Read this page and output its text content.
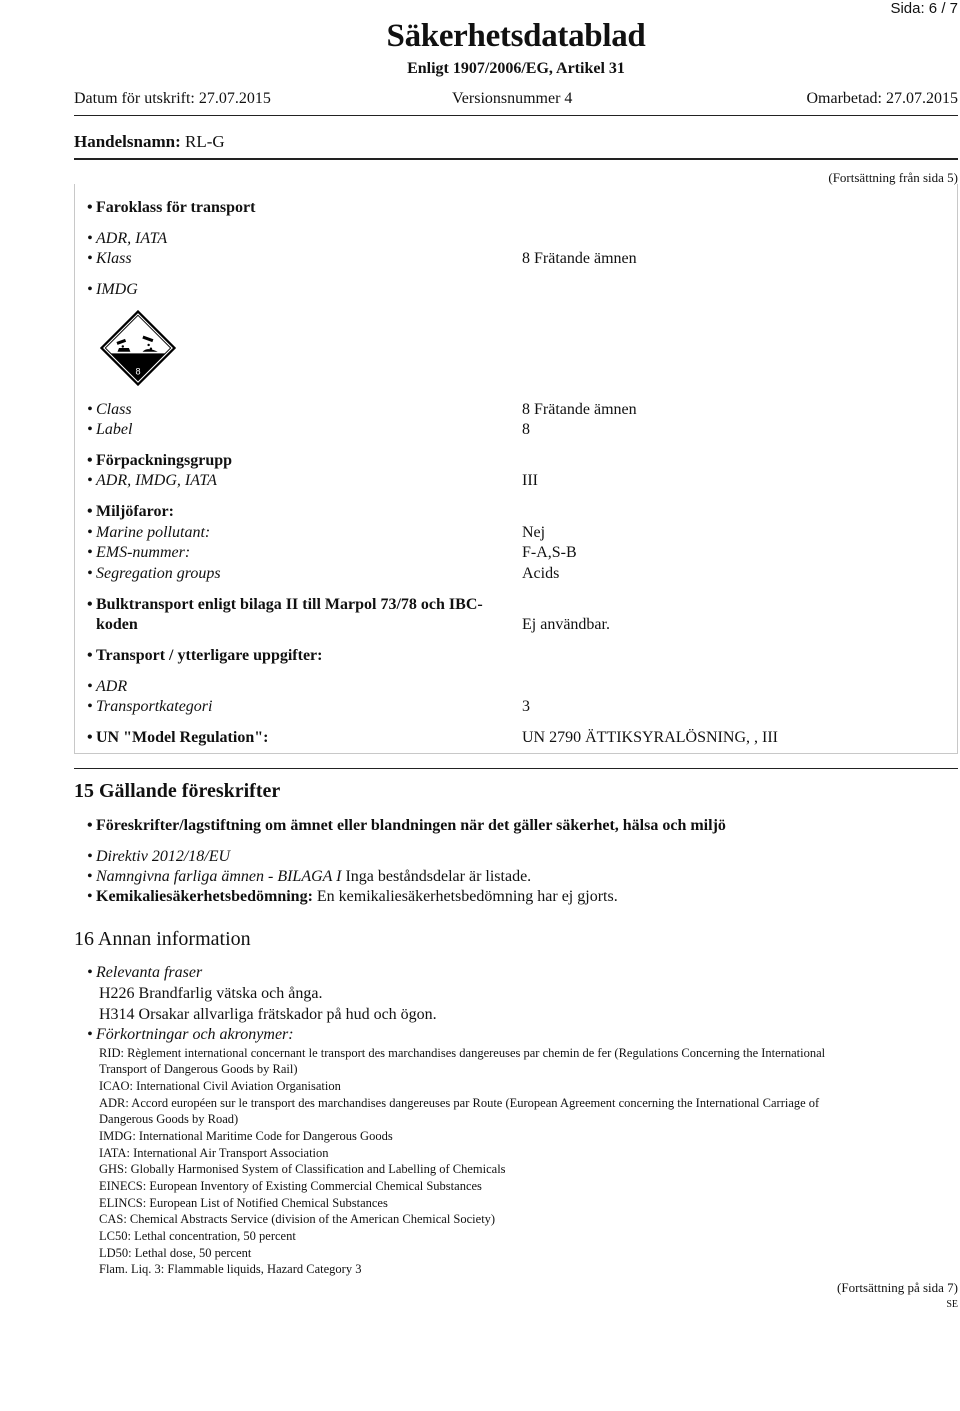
Sida: 6 / 7
Säkerhetsdatablad
Enligt 1907/2006/EG, Artikel 31
Datum för utskrift: 27.07.2015	Versionsnummer 4	Omarbetad: 27.07.2015
Handelsnamn: RL-G
(Fortsättning från sida 5)
• Faroklass för transport
• ADR, IATA
• Klass	8 Frätande ämnen
• IMDG
8
• Class	8 Frätande ämnen
• Label	8
• Förpackningsgrupp
• ADR, IMDG, IATA	III
• Miljöfaror:
• Marine pollutant:	Nej
• EMS-nummer:	F-A,S-B
• Segregation groups	Acids
• Bulktransport enligt bilaga II till Marpol 73/78 och IBC-
koden	Ej användbar.
• Transport / ytterligare uppgifter:
• ADR
• Transportkategori	3
• UN "Model Regulation":	UN 2790 ÄTTIKSYRALÖSNING, , III
15 Gällande föreskrifter
• Föreskrifter/lagstiftning om ämnet eller blandningen när det gäller säkerhet, hälsa och miljö
• Direktiv 2012/18/EU
• Namngivna farliga ämnen - BILAGA I Inga beståndsdelar är listade.
• Kemikaliesäkerhetsbedömning: En kemikaliesäkerhetsbedömning har ej gjorts.
16 Annan information
• Relevanta fraser
H226 Brandfarlig vätska och ånga.
H314 Orsakar allvarliga frätskador på hud och ögon.
• Förkortningar och akronymer:
RID: Règlement international concernant le transport des marchandises dangereuses par chemin de fer (Regulations Concerning the International
Transport of Dangerous Goods by Rail)
ICAO: International Civil Aviation Organisation
ADR: Accord européen sur le transport des marchandises dangereuses par Route (European Agreement concerning the International Carriage of
Dangerous Goods by Road)
IMDG: International Maritime Code for Dangerous Goods
IATA: International Air Transport Association
GHS: Globally Harmonised System of Classification and Labelling of Chemicals
EINECS: European Inventory of Existing Commercial Chemical Substances
ELINCS: European List of Notified Chemical Substances
CAS: Chemical Abstracts Service (division of the American Chemical Society)
LC50: Lethal concentration, 50 percent
LD50: Lethal dose, 50 percent
Flam. Liq. 3: Flammable liquids, Hazard Category 3
(Fortsättning på sida 7)
SE
